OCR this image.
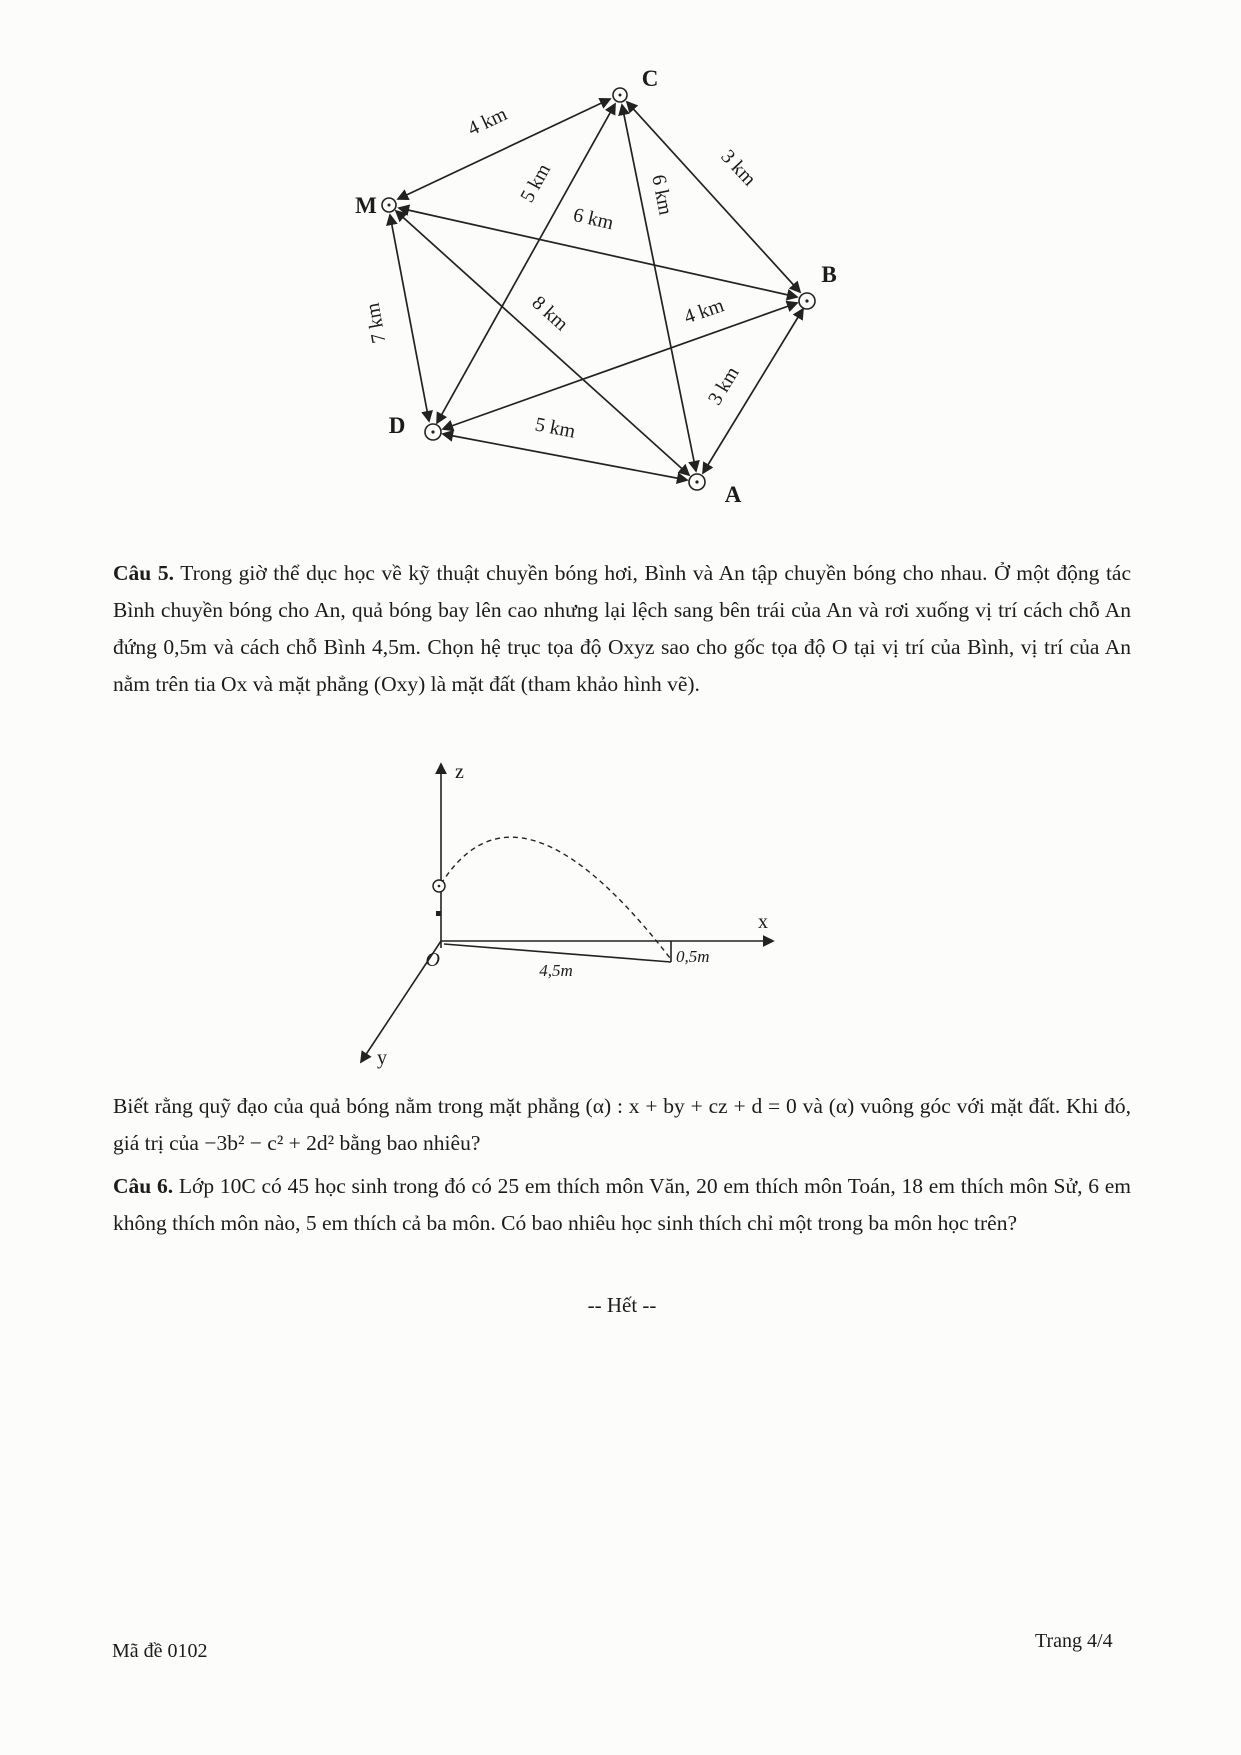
4 km
5 km	3 km
6 km
6 km
7 km	8 km	4 km
3 km
5 km
C
M
B
D
A

Câu 5. Trong giờ thể dục học về kỹ thuật chuyền bóng hơi, Bình và An tập chuyền bóng cho nhau. Ở một động tác Bình chuyền bóng cho An, quả bóng bay lên cao nhưng lại lệch sang bên trái của An và rơi xuống vị trí cách chỗ An đứng 0,5m và cách chỗ Bình 4,5m. Chọn hệ trục tọa độ Oxyz sao cho gốc tọa độ O tại vị trí của Bình, vị trí của An nằm trên tia Ox và mặt phẳng (Oxy) là mặt đất (tham khảo hình vẽ).

z
x
y
O	4,5m
0,5m

Biết rằng quỹ đạo của quả bóng nằm trong mặt phẳng (α) : x + by + cz + d = 0 và (α) vuông góc với mặt đất. Khi đó, giá trị của −3b² − c² + 2d² bằng bao nhiêu?

Câu 6. Lớp 10C có 45 học sinh trong đó có 25 em thích môn Văn, 20 em thích môn Toán, 18 em thích môn Sử, 6 em không thích môn nào, 5 em thích cả ba môn. Có bao nhiêu học sinh thích chỉ một trong ba môn học trên?

-- Hết --
Mã đề 0102	Trang 4/4
